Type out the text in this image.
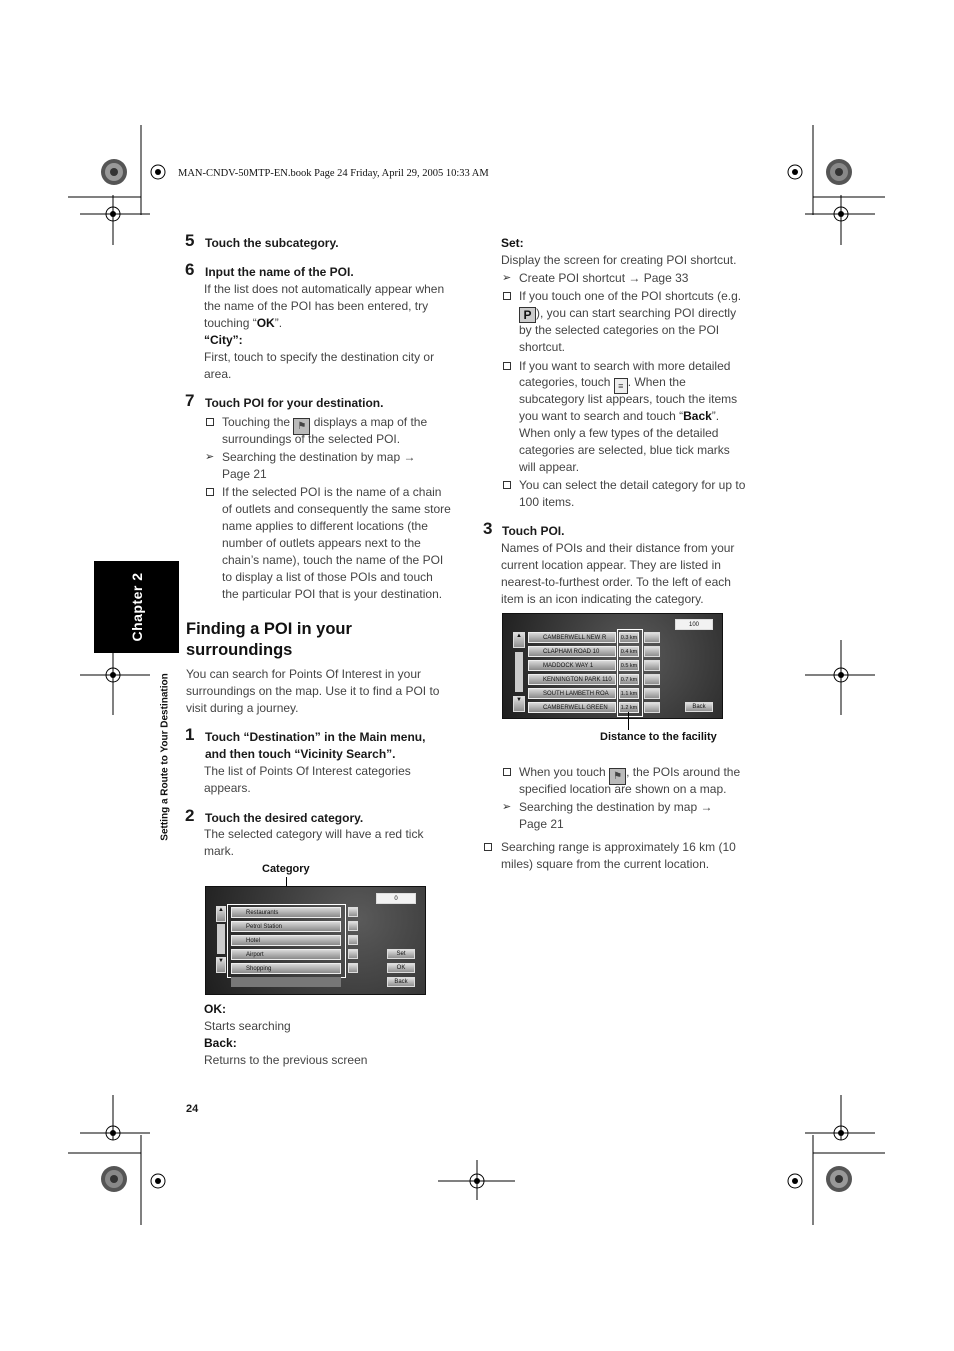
MAN-CNDV-50MTP-EN.book Page 24 Friday, April 29, 2005 10:33 AM
Chapter 2
Setting a Route to Your Destination
5 Touch the subcategory.
6 Input the name of the POI.
If the list does not automatically appear when
the name of the POI has been entered, try
touching “OK”.
“City”:
First, touch to specify the destination city or
area.
7 Touch POI for your destination.
Touching the ⚑ displays a map of the
surroundings of the selected POI.
➢ Searching the destination by map →
Page 21
If the selected POI is the name of a chain
of outlets and consequently the same store
name applies to different locations (the
number of outlets appears next to the
chain’s name), touch the name of the POI
to display a list of those POIs and touch
the particular POI that is your destination.
Finding a POI in your
surroundings
You can search for Points Of Interest in your
surroundings on the map. Use it to find a POI to
visit during a journey.
1 Touch “Destination” in the Main menu,
and then touch “Vicinity Search”.
The list of Points Of Interest categories
appears.
2 Touch the desired category.
The selected category will have a red tick
mark.
Category
▲
▼
Restaurants
Petrol Station
Hotel
Airport
Shopping
0
Set
OK
Back
OK:
Starts searching
Back:
Returns to the previous screen
24
Set:
Display the screen for creating POI shortcut.
➢ Create POI shortcut → Page 33
If you touch one of the POI shortcuts (e.g.
P ), you can start searching POI directly
by the selected categories on the POI
shortcut.
If you want to search with more detailed
categories, touch ≡ . When the
subcategory list appears, touch the items
you want to search and touch “Back”.
When only a few types of the detailed
categories are selected, blue tick marks
will appear.
You can select the detail category for up to
100 items.
3 Touch POI.
Names of POIs and their distance from your
current location appear. They are listed in
nearest-to-furthest order. To the left of each
item is an icon indicating the category.
▲
▼
CAMBERWELL NEW R
CLAPHAM ROAD 10
MADDOCK WAY 1
KENNINGTON PARK 110
SOUTH LAMBETH ROA
CAMBERWELL GREEN
0.3 km
0.4 km
0.5 km
0.7 km
1.1 km
1.2 km
100
Back
Distance to the facility
When you touch ⚑ , the POIs around the
specified location are shown on a map.
➢ Searching the destination by map →
Page 21
Searching range is approximately 16 km (10
miles) square from the current location.
